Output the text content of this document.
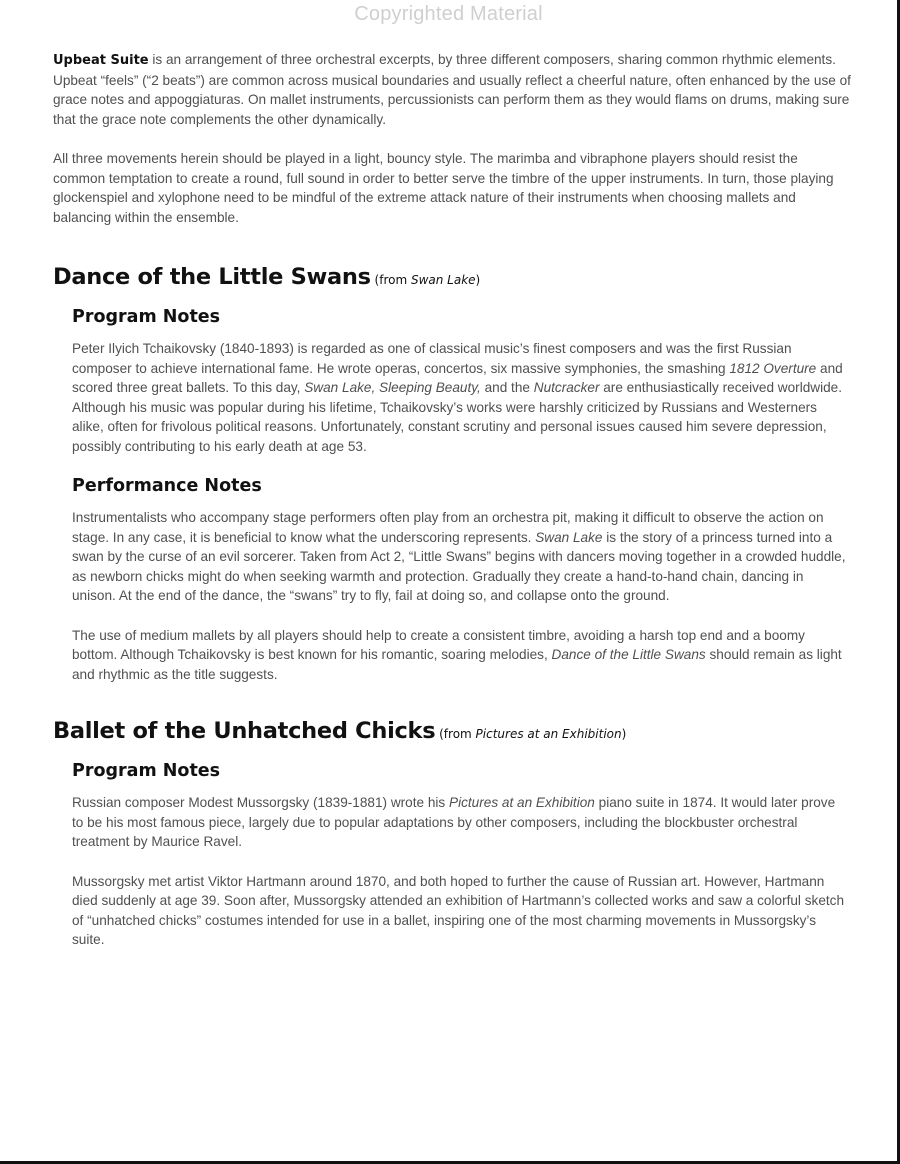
Copyrighted Material

Upbeat Suite is an arrangement of three orchestral excerpts, by three different composers, sharing common rhythmic elements. Upbeat “feels” (“2 beats”) are common across musical boundaries and usually reflect a cheerful nature, often enhanced by the use of grace notes and appoggiaturas. On mallet instruments, percussionists can perform them as they would flams on drums, making sure that the grace note complements the other dynamically.

All three movements herein should be played in a light, bouncy style. The marimba and vibraphone players should resist the common temptation to create a round, full sound in order to better serve the timbre of the upper instruments. In turn, those playing glockenspiel and xylophone need to be mindful of the extreme attack nature of their instruments when choosing mallets and balancing within the ensemble.

Dance of the Little Swans (from Swan Lake)
Program Notes

Peter Ilyich Tchaikovsky (1840-1893) is regarded as one of classical music’s finest composers and was the first Russian composer to achieve international fame. He wrote operas, concertos, six massive symphonies, the smashing 1812 Overture and scored three great ballets. To this day, Swan Lake, Sleeping Beauty, and the Nutcracker are enthusiastically received worldwide. Although his music was popular during his lifetime, Tchaikovsky’s works were harshly criticized by Russians and Westerners alike, often for frivolous political reasons. Unfortunately, constant scrutiny and personal issues caused him severe depression, possibly contributing to his early death at age 53.

Performance Notes

Instrumentalists who accompany stage performers often play from an orchestra pit, making it difficult to observe the action on stage. In any case, it is beneficial to know what the underscoring represents. Swan Lake is the story of a princess turned into a swan by the curse of an evil sorcerer. Taken from Act 2, “Little Swans” begins with dancers moving together in a crowded huddle, as newborn chicks might do when seeking warmth and protection. Gradually they create a hand-to-hand chain, dancing in unison. At the end of the dance, the “swans” try to fly, fail at doing so, and collapse onto the ground.

The use of medium mallets by all players should help to create a consistent timbre, avoiding a harsh top end and a boomy bottom. Although Tchaikovsky is best known for his romantic, soaring melodies, Dance of the Little Swans should remain as light and rhythmic as the title suggests.

Ballet of the Unhatched Chicks (from Pictures at an Exhibition)
Program Notes

Russian composer Modest Mussorgsky (1839-1881) wrote his Pictures at an Exhibition piano suite in 1874. It would later prove to be his most famous piece, largely due to popular adaptations by other composers, including the blockbuster orchestral treatment by Maurice Ravel.

Mussorgsky met artist Viktor Hartmann around 1870, and both hoped to further the cause of Russian art. However, Hartmann died suddenly at age 39. Soon after, Mussorgsky attended an exhibition of Hartmann’s collected works and saw a colorful sketch of “unhatched chicks” costumes intended for use in a ballet, inspiring one of the most charming movements in Mussorgsky’s suite.
